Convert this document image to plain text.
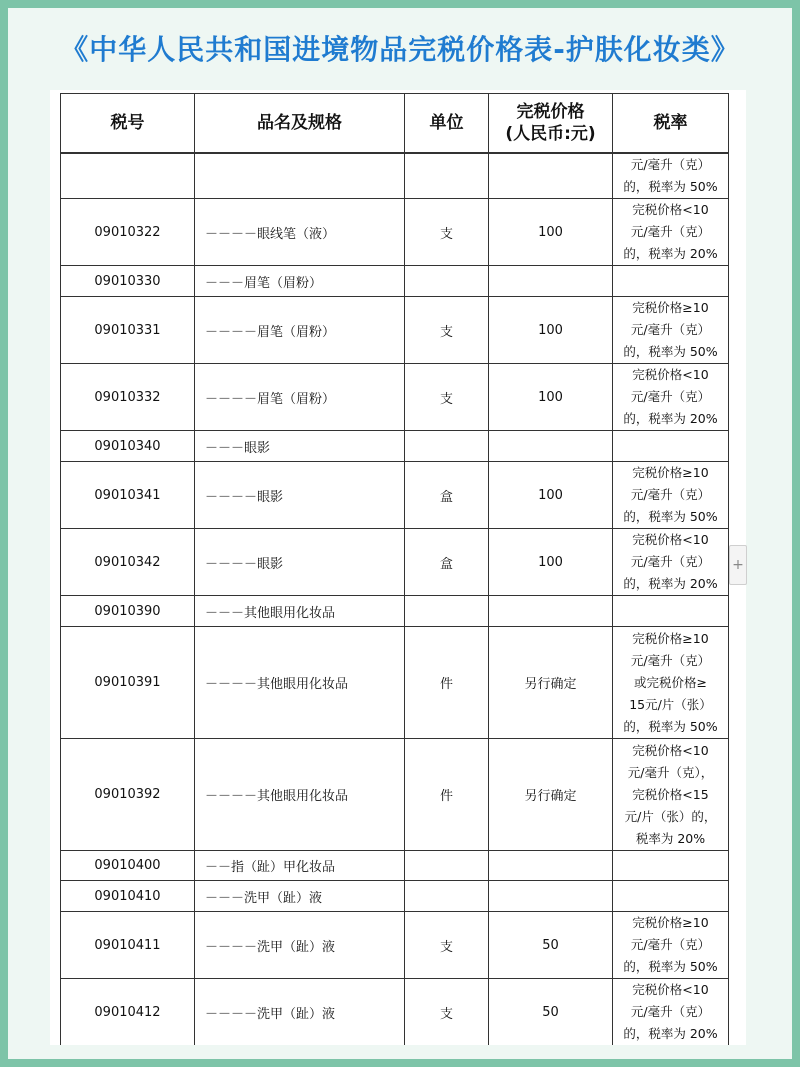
《中华人民共和国进境物品完税价格表-护肤化妆类》
税号	品名及规格	单位	完税价格
(人民币:元)	税率
				元/毫升（克）
的，税率为 50%
09010322	－－－－眼线笔（液）	支	100	完税价格<10
元/毫升（克）
的，税率为 20%
09010330	－－－眉笔（眉粉）			
09010331	－－－－眉笔（眉粉）	支	100	完税价格≥10
元/毫升（克）
的，税率为 50%
09010332	－－－－眉笔（眉粉）	支	100	完税价格<10
元/毫升（克）
的，税率为 20%
09010340	－－－眼影			
09010341	－－－－眼影	盒	100	完税价格≥10
元/毫升（克）
的，税率为 50%
09010342	－－－－眼影	盒	100	完税价格<10
元/毫升（克）
的，税率为 20%
09010390	－－－其他眼用化妆品			
09010391	－－－－其他眼用化妆品	件	另行确定	完税价格≥10
元/毫升（克）
或完税价格≥
15元/片（张）
的，税率为 50%
09010392	－－－－其他眼用化妆品	件	另行确定	完税价格<10
元/毫升（克），
完税价格<15
元/片（张）的，
税率为 20%
09010400	－－指（趾）甲化妆品			
09010410	－－－洗甲（趾）液			
09010411	－－－－洗甲（趾）液	支	50	完税价格≥10
元/毫升（克）
的，税率为 50%
09010412	－－－－洗甲（趾）液	支	50	完税价格<10
元/毫升（克）
的，税率为 20%
+
